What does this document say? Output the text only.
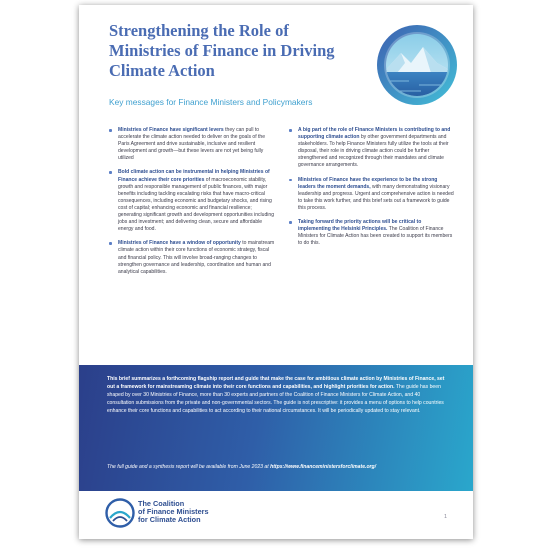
Strengthening the Role of Ministries of Finance in Driving Climate Action
Key messages for Finance Ministers and Policymakers
Ministries of Finance have significant levers they can pull to accelerate the climate action needed to deliver on the goals of the Paris Agreement and drive sustainable, inclusive and resilient development and growth—but these levers are not yet being fully utilized
Bold climate action can be instrumental in helping Ministries of Finance achieve their core priorities of macroeconomic stability, growth and responsible management of public finances, with major benefits including tackling escalating risks that have macro-critical consequences, including economic and budgetary shocks, and rising cost of capital; enhancing economic and financial resilience; generating significant growth and development opportunities including jobs and investment; and delivering clean, secure and affordable energy and food.
Ministries of Finance have a window of opportunity to mainstream climate action within their core functions of economic strategy, fiscal and financial policy. This will involve broad-ranging changes to strengthen governance and leadership, coordination and human and analytical capabilities.
A big part of the role of Finance Ministers is contributing to and supporting climate action by other government departments and stakeholders. To help Finance Ministers fully utilize the tools at their disposal, their role in driving climate action could be further strengthened and recognized through their mandates and climate governance arrangements.
Ministries of Finance have the experience to be the strong leaders the moment demands, with many demonstrating visionary leadership and progress. Urgent and comprehensive action is needed to take this work further, and this brief sets out a framework to guide this process.
Taking forward the priority actions will be critical to implementing the Helsinki Principles. The Coalition of Finance Ministers for Climate Action has been created to support its members to do this.
This brief summarizes a forthcoming flagship report and guide that make the case for ambitious climate action by Ministries of Finance, set out a framework for mainstreaming climate into their core functions and capabilities, and highlight priorities for action. The guide has been shaped by over 30 Ministries of Finance, more than 30 experts and partners of the Coalition of Finance Ministers for Climate Action, and 40 consultation submissions from the private and non-governmental sectors. The guide is not prescriptive: it provides a menu of options to help countries enhance their core functions and capabilities to act according to their national circumstances. It will be periodically updated to stay relevant.
The full guide and a synthesis report will be available from June 2023 at https://www.financeministersforclimate.org/
The Coalition
of Finance Ministers
for Climate Action	1
